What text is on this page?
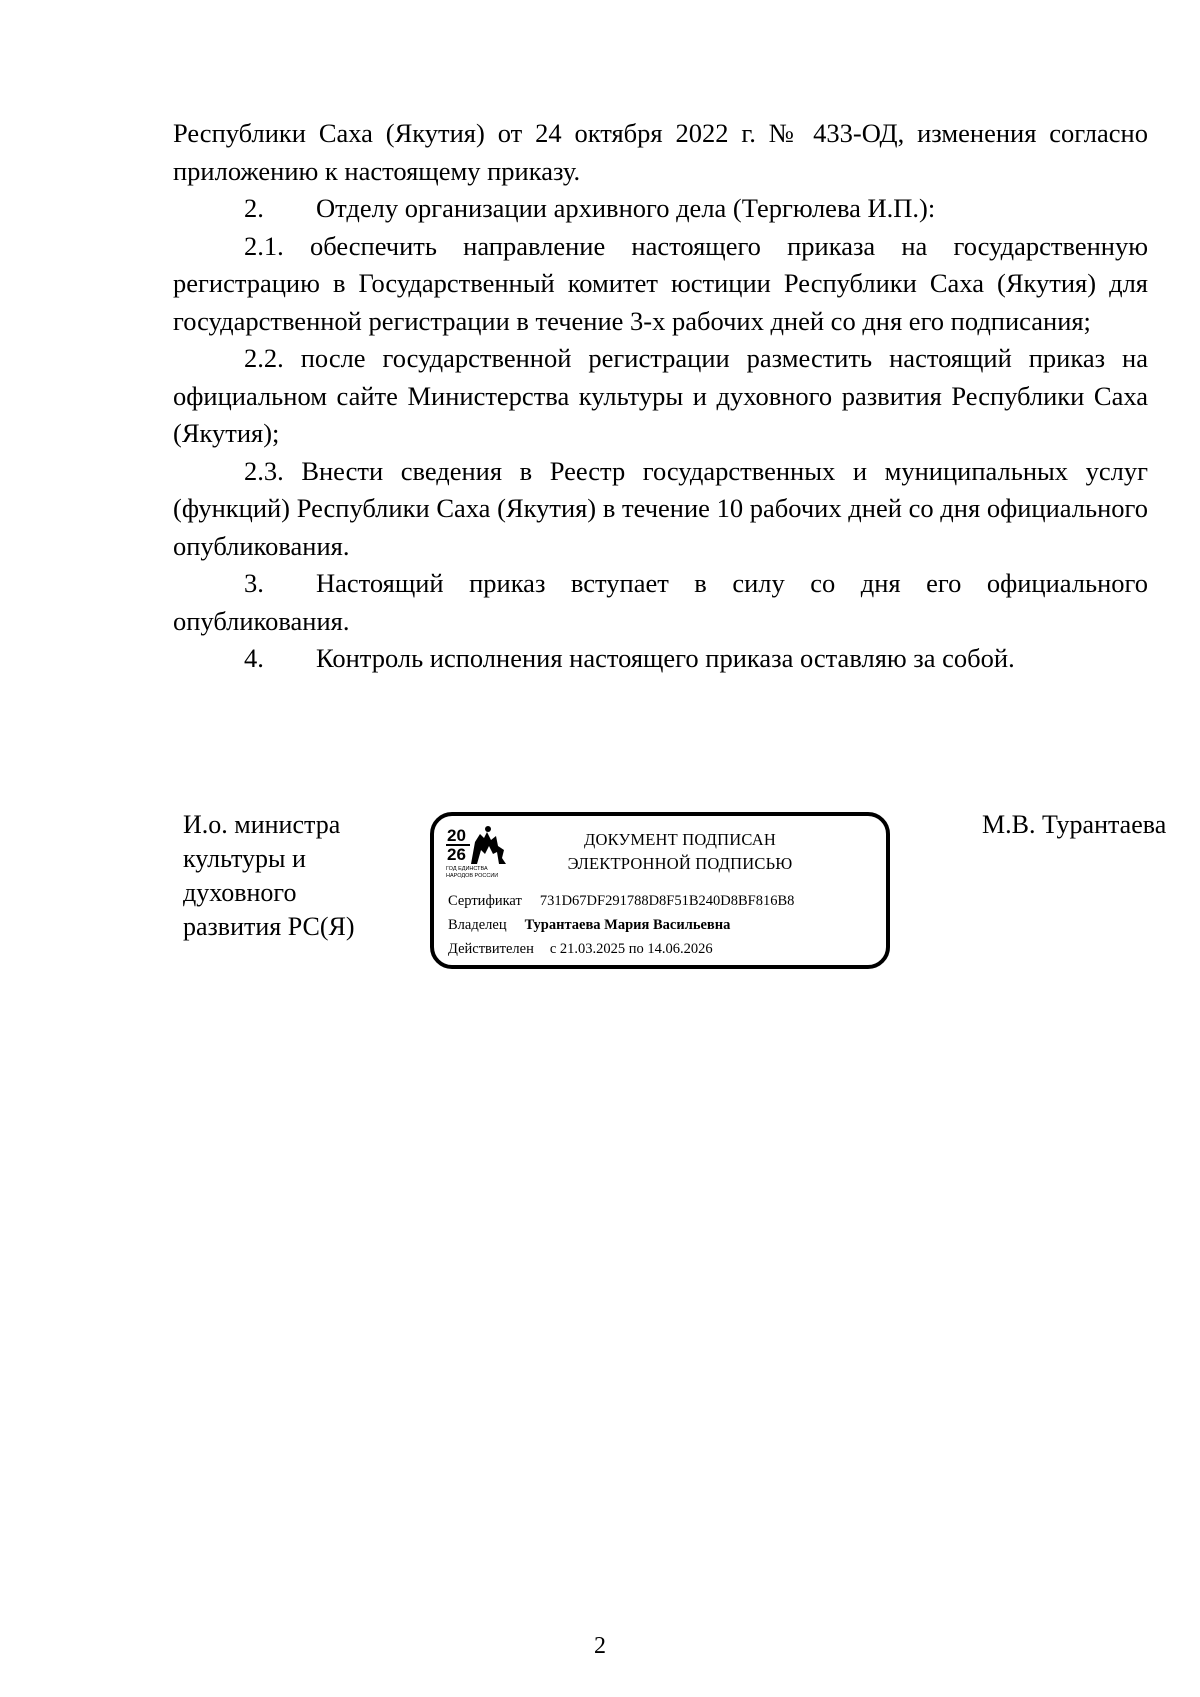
Республики Саха (Якутия) от 24 октября 2022 г. № 433-ОД, изменения согласно приложению к настоящему приказу.

2. Отделу организации архивного дела (Тергюлева И.П.):

2.1. обеспечить направление настоящего приказа на государственную регистрацию в Государственный комитет юстиции Республики Саха (Якутия) для государственной регистрации в течение 3-х рабочих дней со дня его подписания;

2.2. после государственной регистрации разместить настоящий приказ на официальном сайте Министерства культуры и духовного развития Республики Саха (Якутия);

2.3. Внести сведения в Реестр государственных и муниципальных услуг (функций) Республики Саха (Якутия) в течение 10 рабочих дней со дня официального опубликования.

3. Настоящий приказ вступает в силу со дня его официального опубликования.

4. Контроль исполнения настоящего приказа оставляю за собой.

И.о. министра
культуры и
духовного
развития РС(Я)
20
26
ГОД ЕДИНСТВА
НАРОДОВ РОССИИ
ДОКУМЕНТ ПОДПИСАН
ЭЛЕКТРОННОЙ ПОДПИСЬЮ
Сертификат 731D67DF291788D8F51B240D8BF816B8
Владелец Турантаева Мария Васильевна
Действителен с 21.03.2025 по 14.06.2026
М.В. Турантаева
2
